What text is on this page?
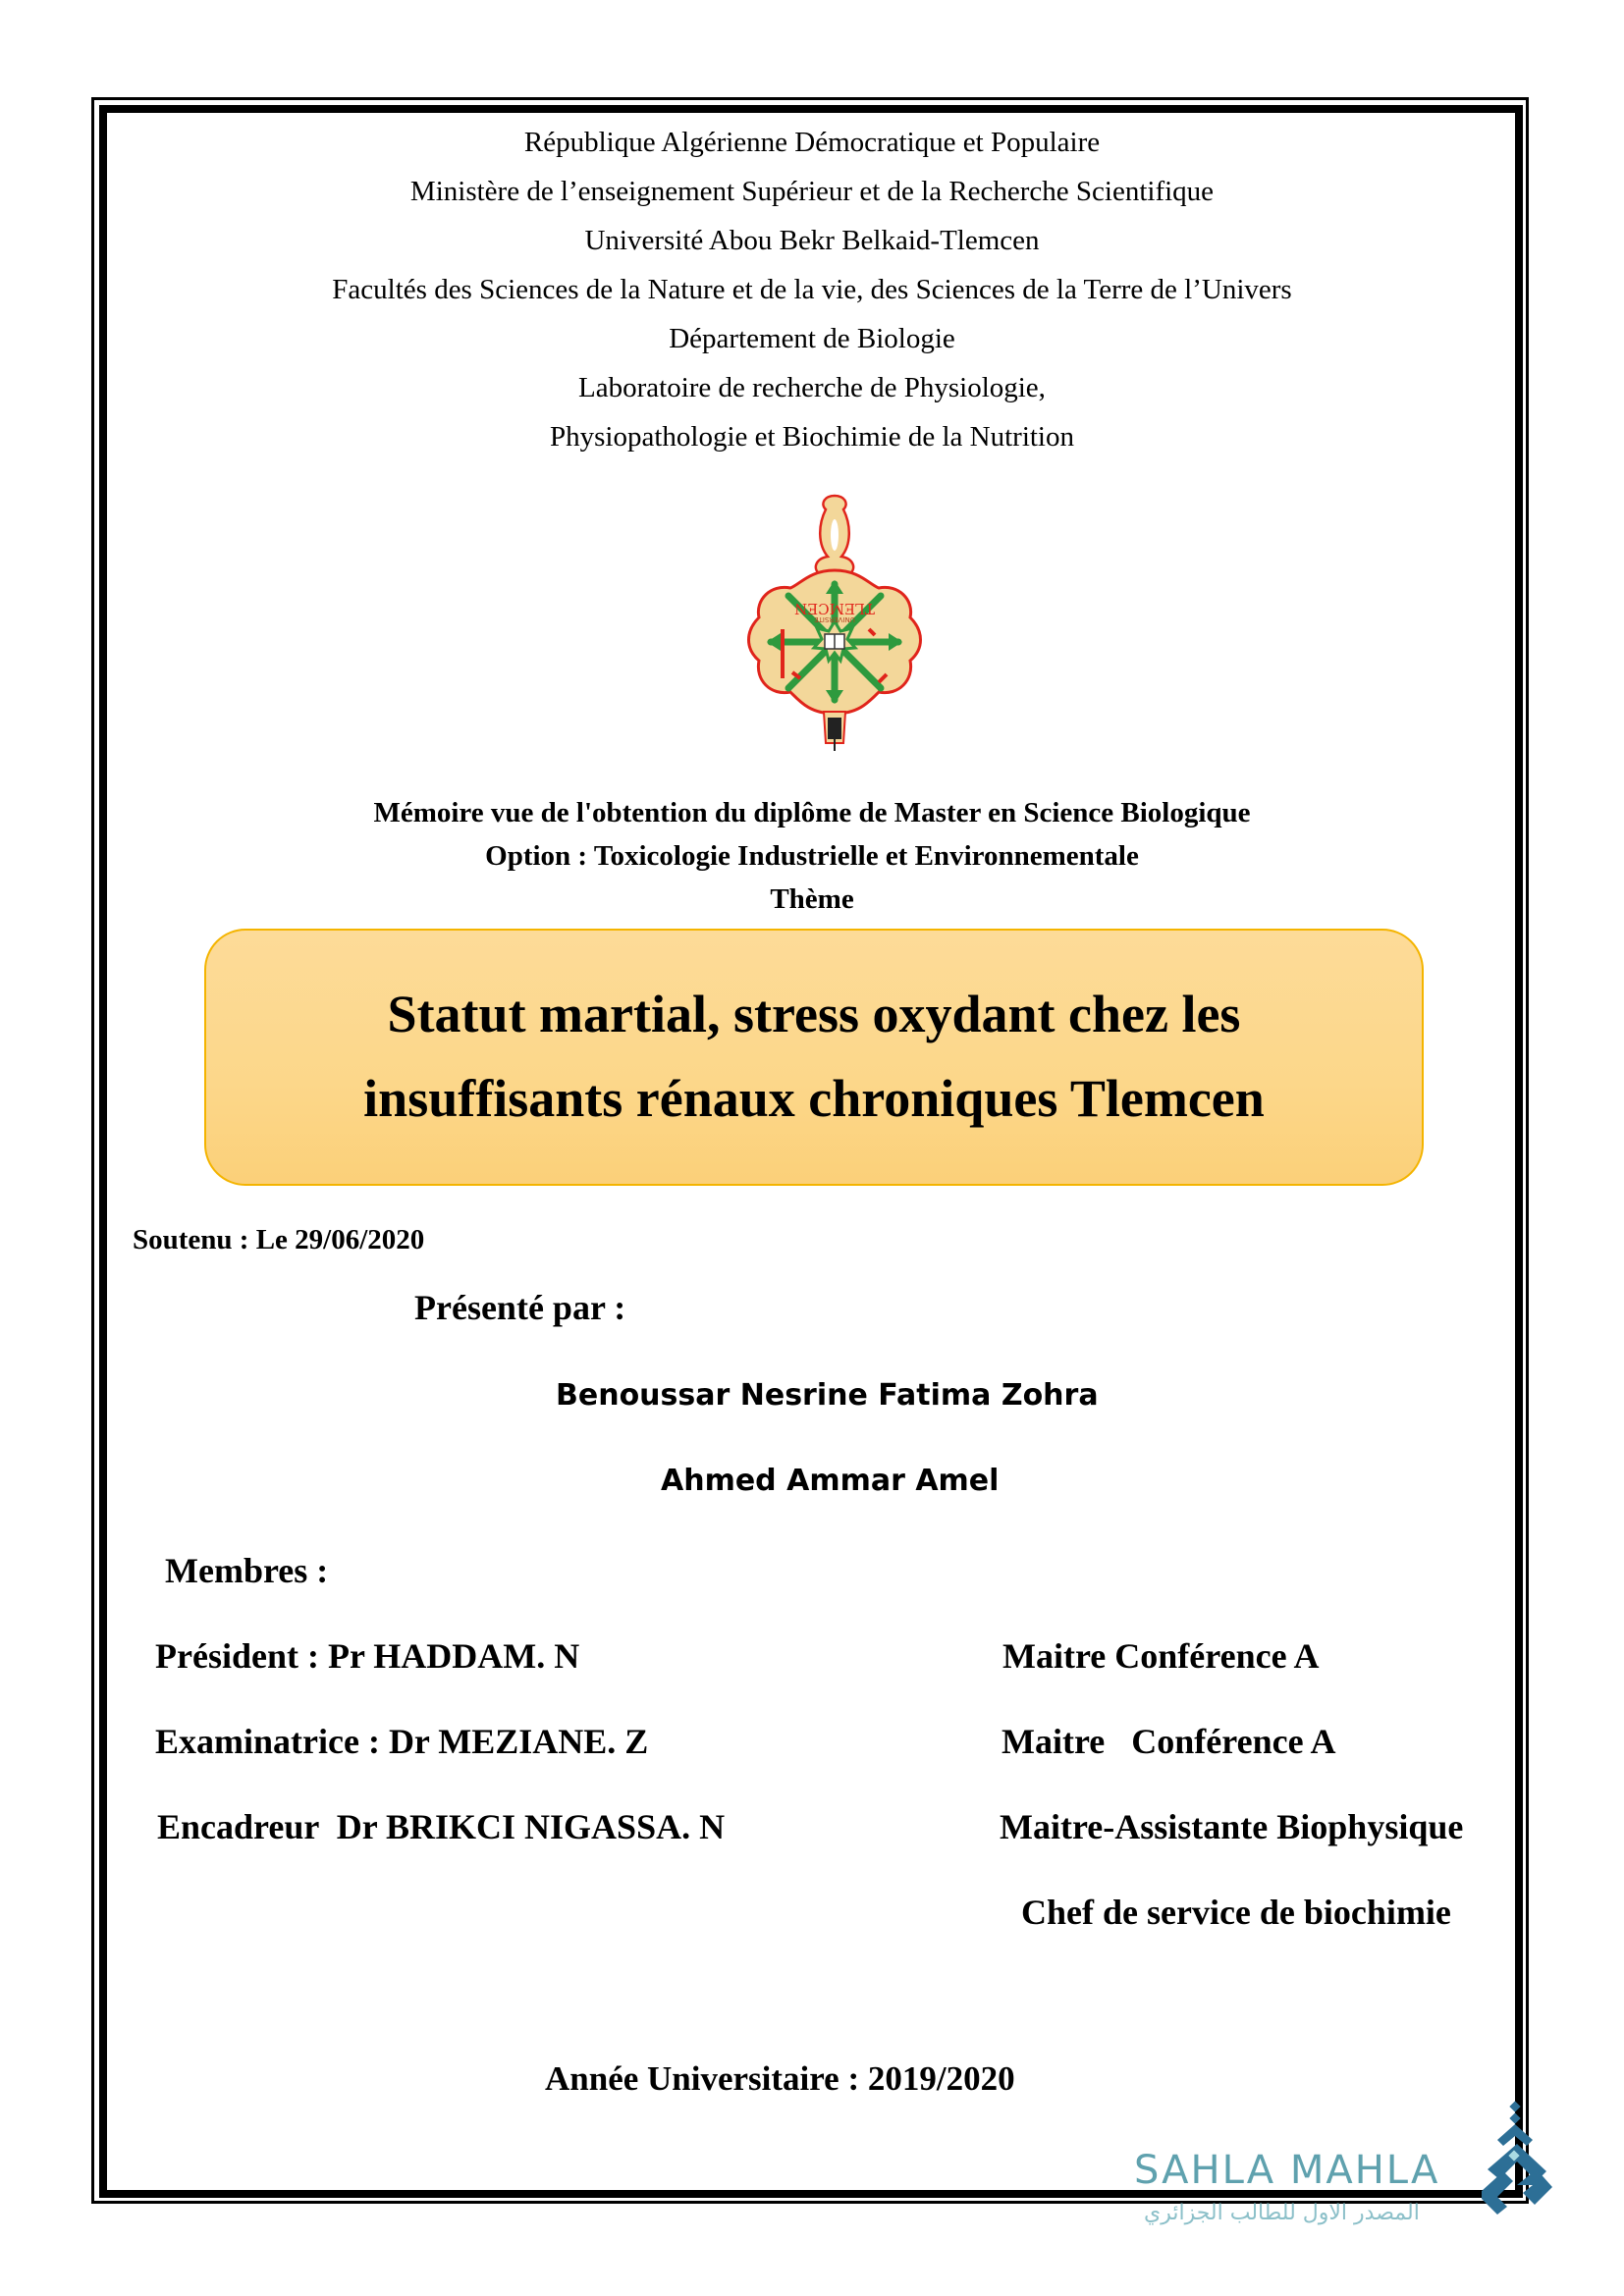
République Algérienne Démocratique et Populaire
Ministère de l’enseignement Supérieur et de la Recherche Scientifique
Université Abou Bekr Belkaid-Tlemcen
Facultés des Sciences de la Nature et de la vie, des Sciences de la Terre de l’Univers
Département de Biologie
Laboratoire de recherche de Physiologie,
Physiopathologie et Biochimie de la Nutrition
TLEMCEN
UNIVERSITE
Mémoire vue de l'obtention du diplôme de Master en Science Biologique
Option : Toxicologie Industrielle et Environnementale
Thème
Statut martial, stress oxydant chez les
insuffisants rénaux chroniques Tlemcen
Soutenu : Le 29/06/2020
Présenté par :
Benoussar Nesrine Fatima Zohra
Ahmed Ammar Amel
Membres :
Président : Pr HADDAM. N	Maitre Conférence A
Examinatrice : Dr MEZIANE. Z	Maitre   Conférence A
Encadreur  Dr BRIKCI NIGASSA. N	Maitre-Assistante Biophysique
Chef de service de biochimie
Année Universitaire : 2019/2020
SAHLA MAHLA
المصدر الاول للطالب الجزائري
